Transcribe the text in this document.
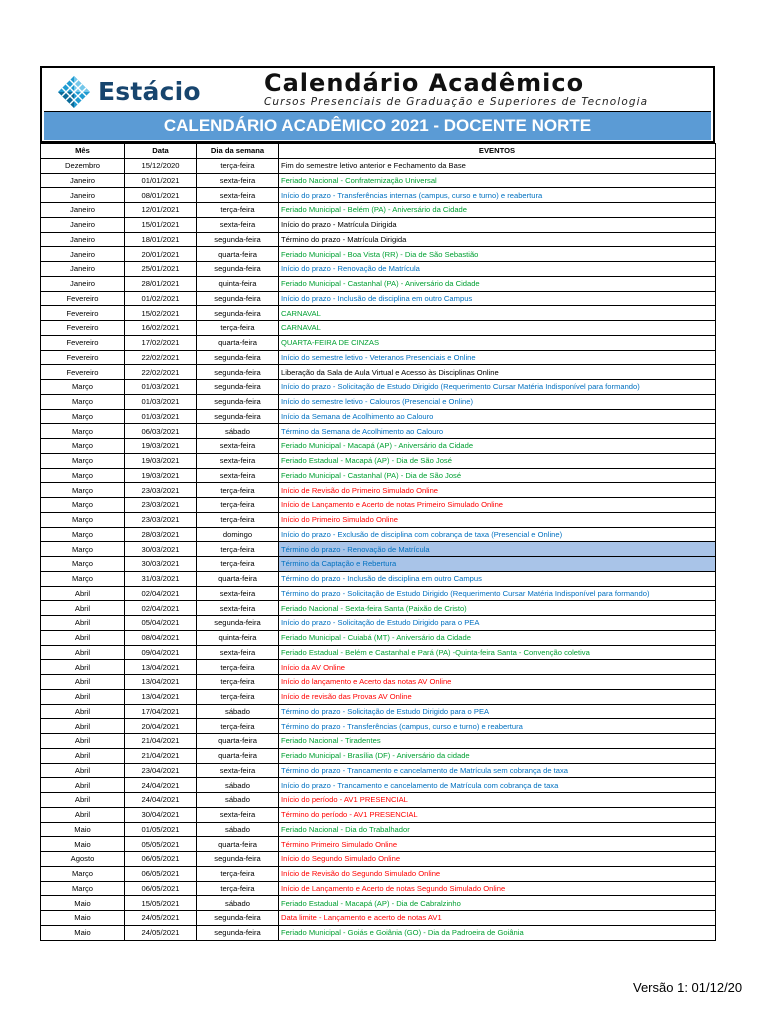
Estácio	Calendário Acadêmico
Cursos Presenciais de Graduação e Superiores de Tecnologia
CALENDÁRIO ACADÊMICO 2021 - DOCENTE NORTE
Mês	Data	Dia da semana	EVENTOS
Dezembro	15/12/2020	terça-feira	Fim do semestre letivo anterior e Fechamento da Base
Janeiro	01/01/2021	sexta-feira	Feriado Nacional - Confraternização Universal
Janeiro	08/01/2021	sexta-feira	Início do prazo - Transferências internas (campus, curso e turno) e reabertura
Janeiro	12/01/2021	terça-feira	Feriado Municipal - Belém (PA) - Aniversário da Cidade
Janeiro	15/01/2021	sexta-feira	Início do prazo - Matrícula Dirigida
Janeiro	18/01/2021	segunda-feira	Término do prazo - Matrícula Dirigida
Janeiro	20/01/2021	quarta-feira	Feriado Municipal - Boa Vista (RR) - Dia de São Sebastião
Janeiro	25/01/2021	segunda-feira	Início do prazo - Renovação de Matrícula
Janeiro	28/01/2021	quinta-feira	Feriado Municipal - Castanhal (PA) - Aniversário da Cidade
Fevereiro	01/02/2021	segunda-feira	Início do prazo - Inclusão de disciplina em outro Campus
Fevereiro	15/02/2021	segunda-feira	CARNAVAL
Fevereiro	16/02/2021	terça-feira	CARNAVAL
Fevereiro	17/02/2021	quarta-feira	QUARTA-FEIRA DE CINZAS
Fevereiro	22/02/2021	segunda-feira	Início do semestre letivo - Veteranos Presenciais e Online
Fevereiro	22/02/2021	segunda-feira	Liberação da Sala de Aula Virtual e Acesso às Disciplinas Online
Março	01/03/2021	segunda-feira	Início do prazo - Solicitação de Estudo Dirigido (Requerimento Cursar Matéria Indisponível para formando)
Março	01/03/2021	segunda-feira	Início do semestre letivo - Calouros (Presencial e Online)
Março	01/03/2021	segunda-feira	Início da Semana de Acolhimento ao Calouro
Março	06/03/2021	sábado	Término da Semana de Acolhimento ao Calouro
Março	19/03/2021	sexta-feira	Feriado Municipal - Macapá (AP) - Aniversário da Cidade
Março	19/03/2021	sexta-feira	Feriado Estadual - Macapá (AP) - Dia de São José
Março	19/03/2021	sexta-feira	Feriado Municipal - Castanhal (PA) - Dia de São José
Março	23/03/2021	terça-feira	Início de Revisão do Primeiro Simulado Online
Março	23/03/2021	terça-feira	Início de Lançamento e Acerto de notas Primeiro Simulado Online
Março	23/03/2021	terça-feira	Início do Primeiro Simulado Online
Março	28/03/2021	domingo	Início do prazo - Exclusão de disciplina com cobrança de taxa (Presencial e Online)
Março	30/03/2021	terça-feira	Término do prazo - Renovação de Matrícula
Março	30/03/2021	terça-feira	Término da Captação e Rebertura
Março	31/03/2021	quarta-feira	Término do prazo - Inclusão de disciplina em outro Campus
Abril	02/04/2021	sexta-feira	Término do prazo - Solicitação de Estudo Dirigido (Requerimento Cursar Matéria Indisponível para formando)
Abril	02/04/2021	sexta-feira	Feriado Nacional - Sexta-feira Santa (Paixão de Cristo)
Abril	05/04/2021	segunda-feira	Início do prazo - Solicitação de Estudo Dirigido para o PEA
Abril	08/04/2021	quinta-feira	Feriado Municipal - Cuiabá (MT) - Aniversário da Cidade
Abril	09/04/2021	sexta-feira	Feriado Estadual - Belém e Castanhal e Pará (PA) -Quinta-feira Santa - Convenção coletiva
Abril	13/04/2021	terça-feira	Início da AV Online
Abril	13/04/2021	terça-feira	Início do lançamento e Acerto das notas AV Online
Abril	13/04/2021	terça-feira	Início de revisão das Provas AV Online
Abril	17/04/2021	sábado	Término do prazo - Solicitação de Estudo Dirigido para o PEA
Abril	20/04/2021	terça-feira	Término do prazo - Transferências (campus, curso e turno) e reabertura
Abril	21/04/2021	quarta-feira	Feriado Nacional - Tiradentes
Abril	21/04/2021	quarta-feira	Feriado Municipal - Brasília (DF) - Aniversário da cidade
Abril	23/04/2021	sexta-feira	Término do prazo - Trancamento e cancelamento de Matrícula sem cobrança de taxa
Abril	24/04/2021	sábado	Início do prazo - Trancamento e cancelamento de Matrícula com cobrança de taxa
Abril	24/04/2021	sábado	Início do período - AV1 PRESENCIAL
Abril	30/04/2021	sexta-feira	Término do período - AV1 PRESENCIAL
Maio	01/05/2021	sábado	Feriado Nacional - Dia do Trabalhador
Maio	05/05/2021	quarta-feira	Término Primeiro Simulado Online
Agosto	06/05/2021	segunda-feira	Início do Segundo Simulado Online
Março	06/05/2021	terça-feira	Início de Revisão do Segundo Simulado Online
Março	06/05/2021	terça-feira	Início de Lançamento e Acerto de notas Segundo Simulado Online
Maio	15/05/2021	sábado	Feriado Estadual - Macapá (AP) - Dia de Cabralzinho
Maio	24/05/2021	segunda-feira	Data limite - Lançamento e acerto de notas AV1
Maio	24/05/2021	segunda-feira	Feriado Municipal - Goiás e Goiânia (GO) - Dia da Padroeira de Goiânia
Versão 1: 01/12/20
